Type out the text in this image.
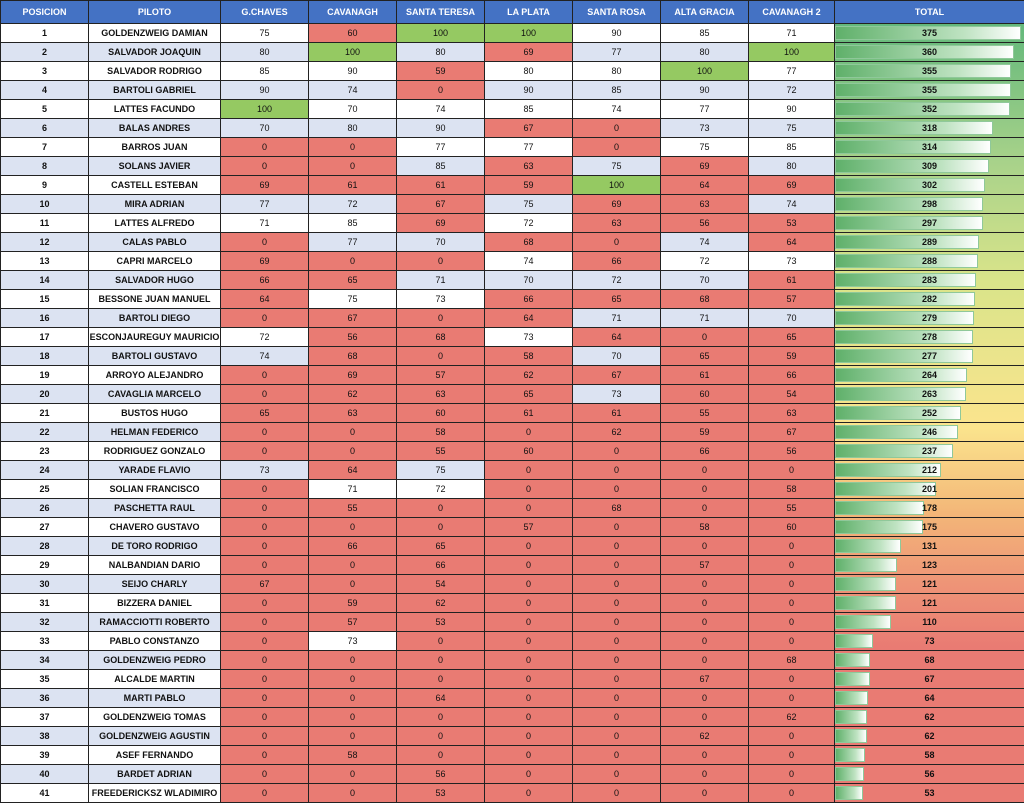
POSICION	PILOTO	G.CHAVES	CAVANAGH	SANTA TERESA	LA PLATA	SANTA ROSA	ALTA GRACIA	CAVANAGH 2	TOTAL
1	GOLDENZWEIG DAMIAN	75	60	100	100	90	85	71	375
2	SALVADOR JOAQUIN	80	100	80	69	77	80	100	360
3	SALVADOR RODRIGO	85	90	59	80	80	100	77	355
4	BARTOLI GABRIEL	90	74	0	90	85	90	72	355
5	LATTES FACUNDO	100	70	74	85	74	77	90	352
6	BALAS ANDRES	70	80	90	67	0	73	75	318
7	BARROS JUAN	0	0	77	77	0	75	85	314
8	SOLANS JAVIER	0	0	85	63	75	69	80	309
9	CASTELL ESTEBAN	69	61	61	59	100	64	69	302
10	MIRA ADRIAN	77	72	67	75	69	63	74	298
11	LATTES ALFREDO	71	85	69	72	63	56	53	297
12	CALAS PABLO	0	77	70	68	0	74	64	289
13	CAPRI MARCELO	69	0	0	74	66	72	73	288
14	SALVADOR HUGO	66	65	71	70	72	70	61	283
15	BESSONE JUAN MANUEL	64	75	73	66	65	68	57	282
16	BARTOLI DIEGO	0	67	0	64	71	71	70	279
17	ESCONJAUREGUY MAURICIO	72	56	68	73	64	0	65	278
18	BARTOLI GUSTAVO	74	68	0	58	70	65	59	277
19	ARROYO ALEJANDRO	0	69	57	62	67	61	66	264
20	CAVAGLIA MARCELO	0	62	63	65	73	60	54	263
21	BUSTOS HUGO	65	63	60	61	61	55	63	252
22	HELMAN FEDERICO	0	0	58	0	62	59	67	246
23	RODRIGUEZ GONZALO	0	0	55	60	0	66	56	237
24	YARADE FLAVIO	73	64	75	0	0	0	0	212
25	SOLIAN FRANCISCO	0	71	72	0	0	0	58	201
26	PASCHETTA RAUL	0	55	0	0	68	0	55	178
27	CHAVERO GUSTAVO	0	0	0	57	0	58	60	175
28	DE TORO RODRIGO	0	66	65	0	0	0	0	131
29	NALBANDIAN DARIO	0	0	66	0	0	57	0	123
30	SEIJO CHARLY	67	0	54	0	0	0	0	121
31	BIZZERA DANIEL	0	59	62	0	0	0	0	121
32	RAMACCIOTTI ROBERTO	0	57	53	0	0	0	0	110
33	PABLO CONSTANZO	0	73	0	0	0	0	0	73
34	GOLDENZWEIG PEDRO	0	0	0	0	0	0	68	68
35	ALCALDE MARTIN	0	0	0	0	0	67	0	67
36	MARTI PABLO	0	0	64	0	0	0	0	64
37	GOLDENZWEIG TOMAS	0	0	0	0	0	0	62	62
38	GOLDENZWEIG AGUSTIN	0	0	0	0	0	62	0	62
39	ASEF FERNANDO	0	58	0	0	0	0	0	58
40	BARDET ADRIAN	0	0	56	0	0	0	0	56
41	FREEDERICKSZ WLADIMIRO	0	0	53	0	0	0	0	53
